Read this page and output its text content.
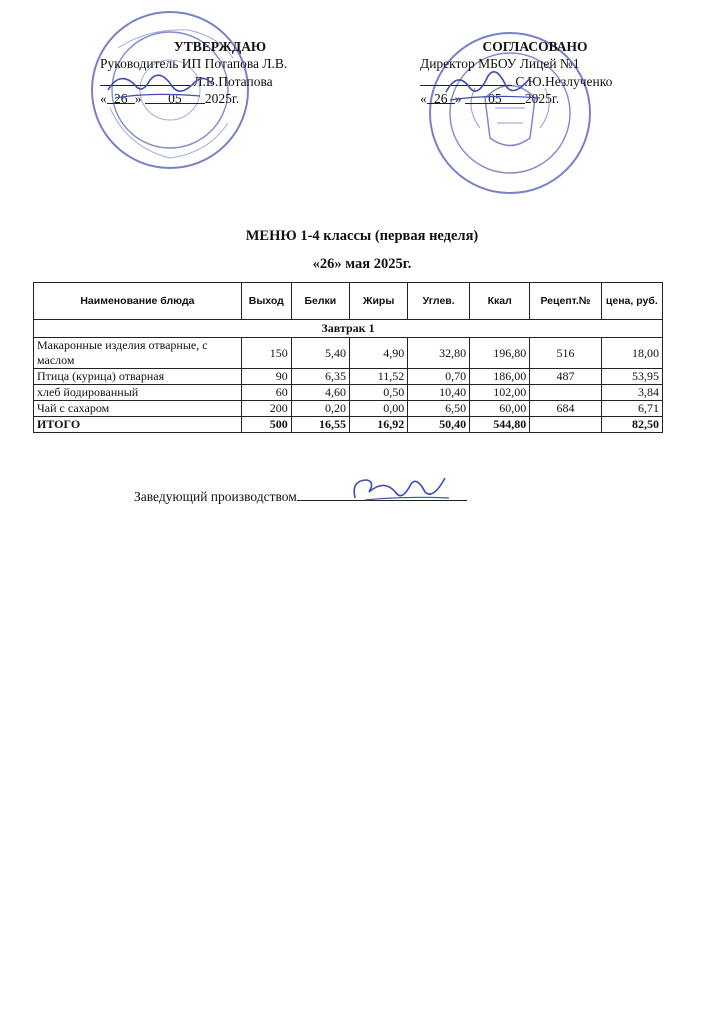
УТВЕРЖДАЮ
Руководитель ИП Потапова Л.В.
Л.В.Потапова
« 26 » 05 2025г.
СОГЛАСОВАНО
Директор МБОУ Лицей №1
С.Ю.Незлученко
« 26 » 05 2025г.
МЕНЮ 1-4 классы (первая неделя)
«26» мая 2025г.
Наименование блюда	Выход	Белки	Жиры	Углев.	Ккал	Рецепт.№	цена, руб.
Завтрак 1							
Макаронные изделия отварные, с маслом	150	5,40	4,90	32,80	196,80	516	18,00
Птица (курица) отварная	90	6,35	11,52	0,70	186,00	487	53,95
хлеб йодированный	60	4,60	0,50	10,40	102,00		3,84
Чай с сахаром	200	0,20	0,00	6,50	60,00	684	6,71
ИТОГО	500	16,55	16,92	50,40	544,80		82,50
Заведующий производством
